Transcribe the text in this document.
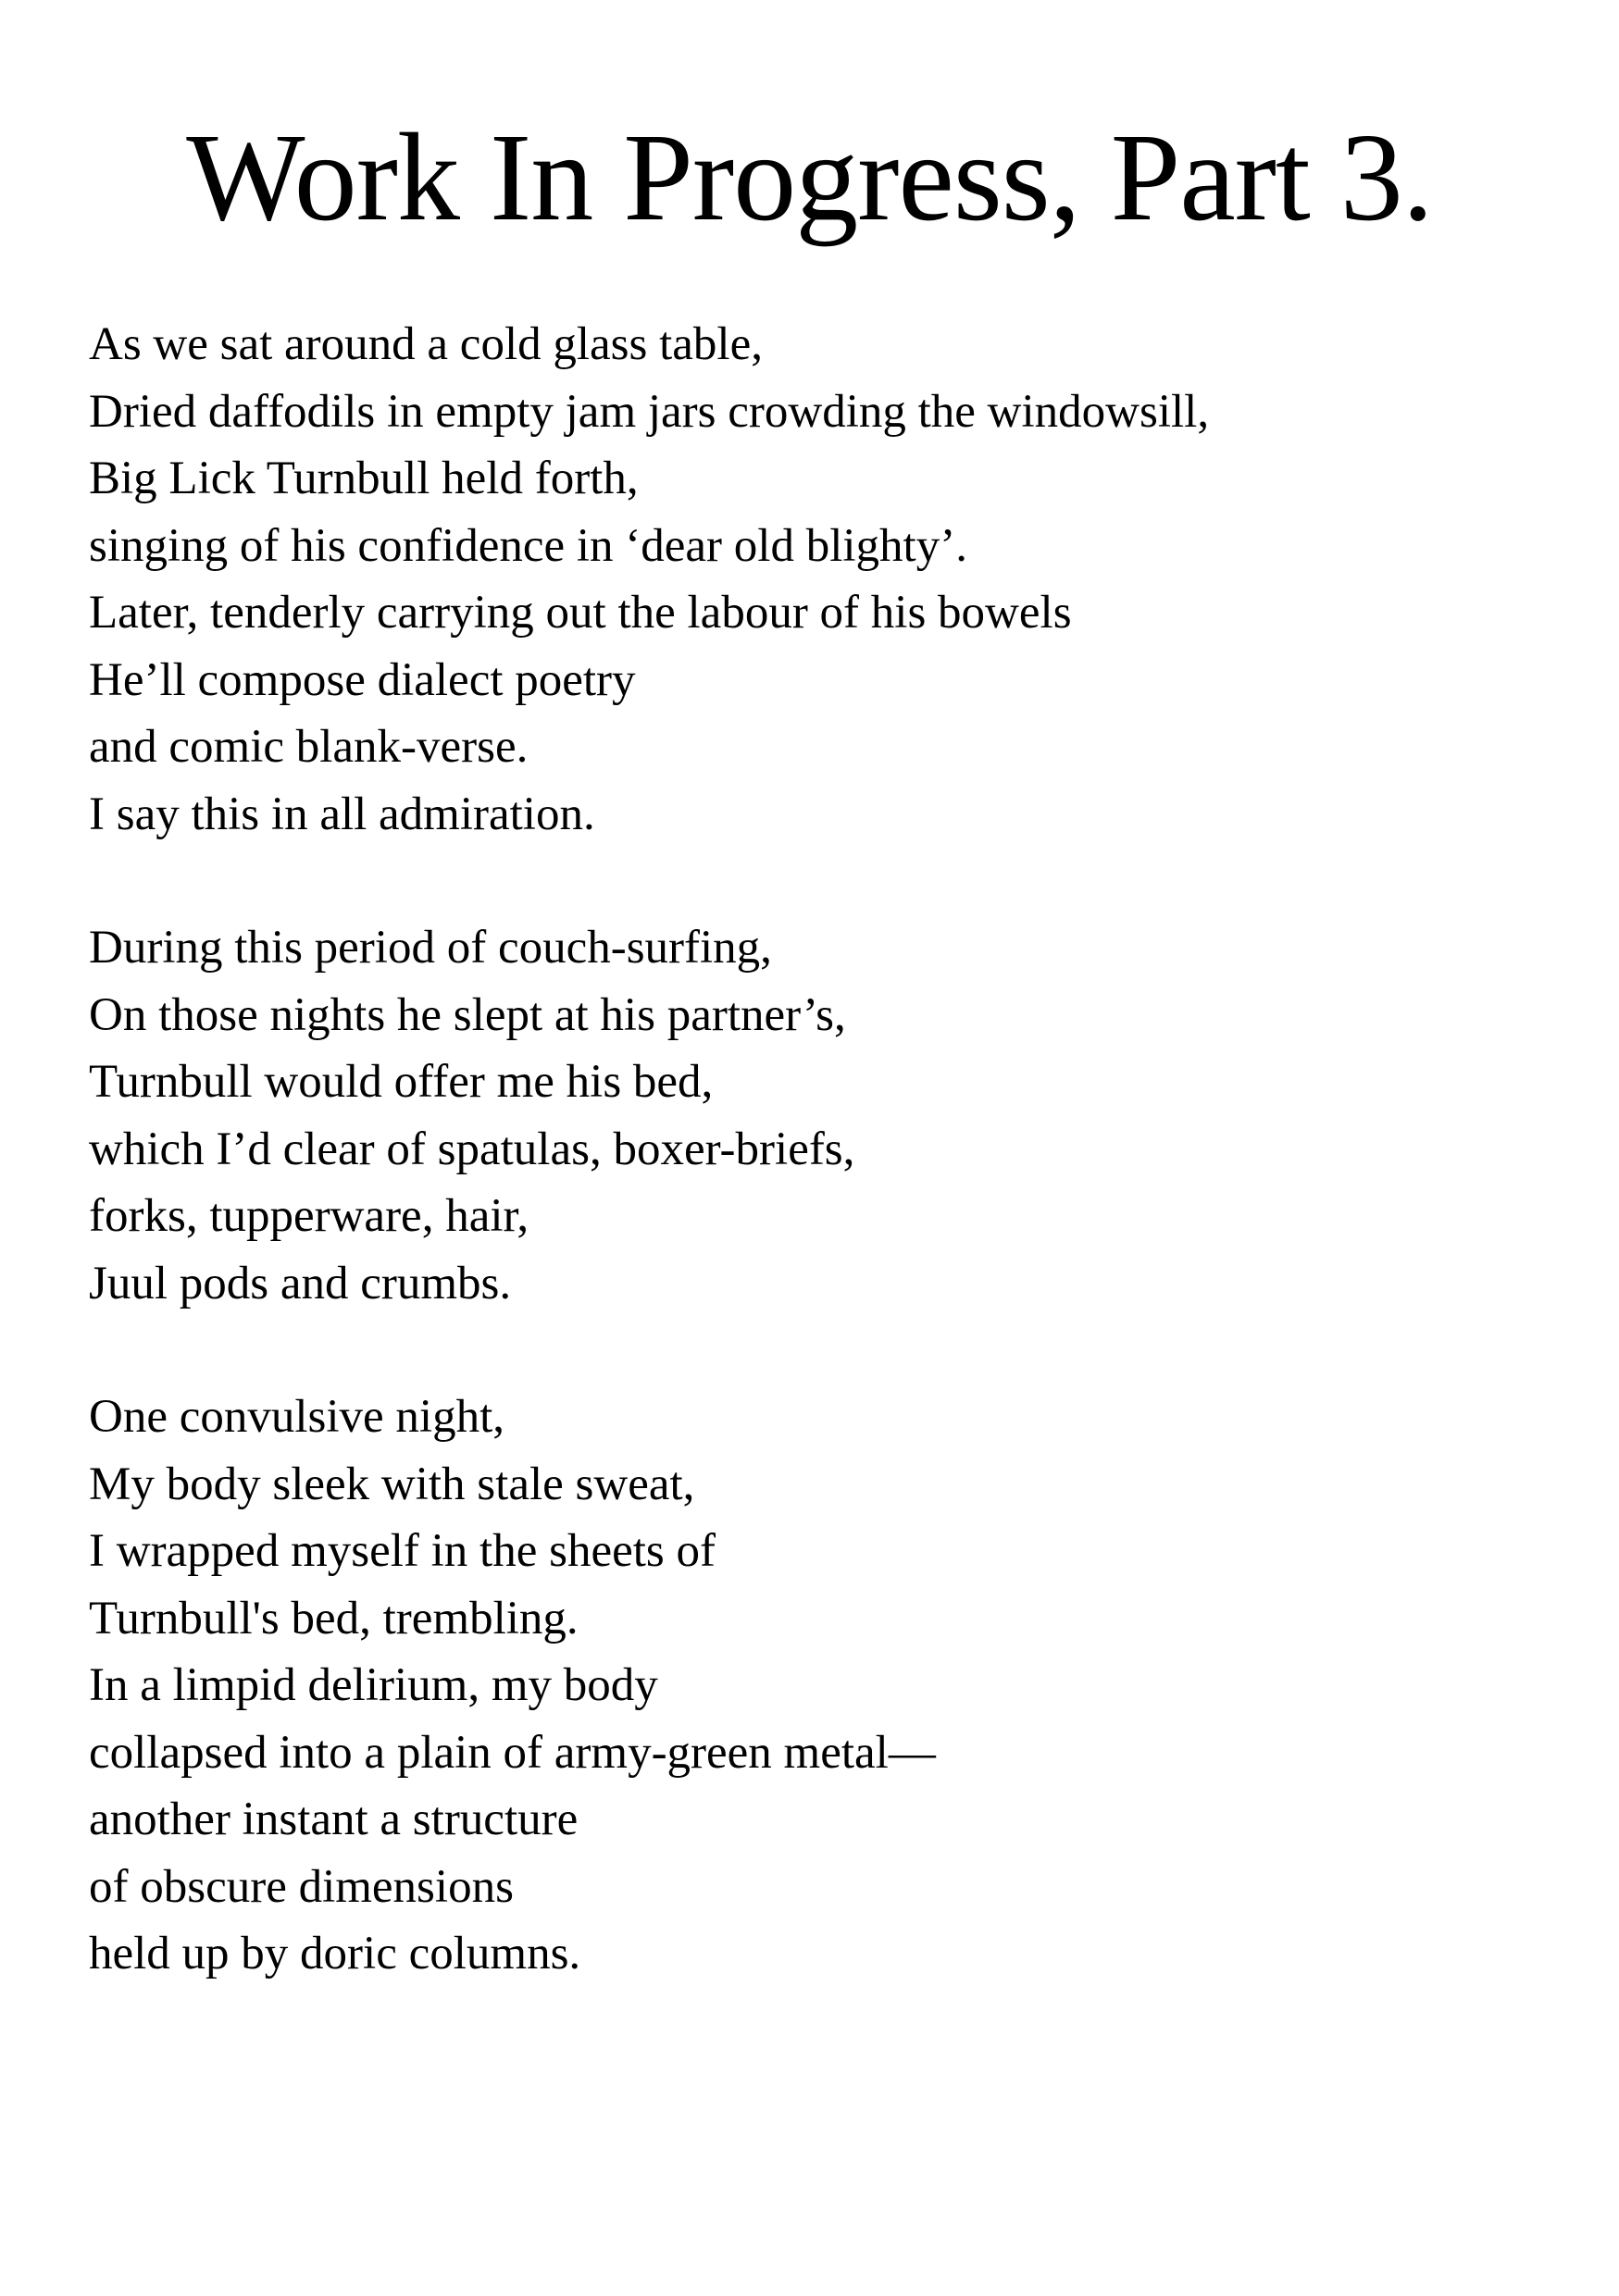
Work In Progress, Part 3.
As we sat around a cold glass table,
Dried daffodils in empty jam jars crowding the windowsill,
Big Lick Turnbull held forth,
singing of his confidence in ‘dear old blighty’.
Later, tenderly carrying out the labour of his bowels
He’ll compose dialect poetry
and comic blank-verse.
I say this in all admiration.
During this period of couch-surfing,
On those nights he slept at his partner’s,
Turnbull would offer me his bed,
which I’d clear of spatulas, boxer-briefs,
forks, tupperware, hair,
Juul pods and crumbs.
One convulsive night,
My body sleek with stale sweat,
I wrapped myself in the sheets of
Turnbull's bed, trembling.
In a limpid delirium, my body
collapsed into a plain of army-green metal—
another instant a structure
of obscure dimensions
held up by doric columns.
